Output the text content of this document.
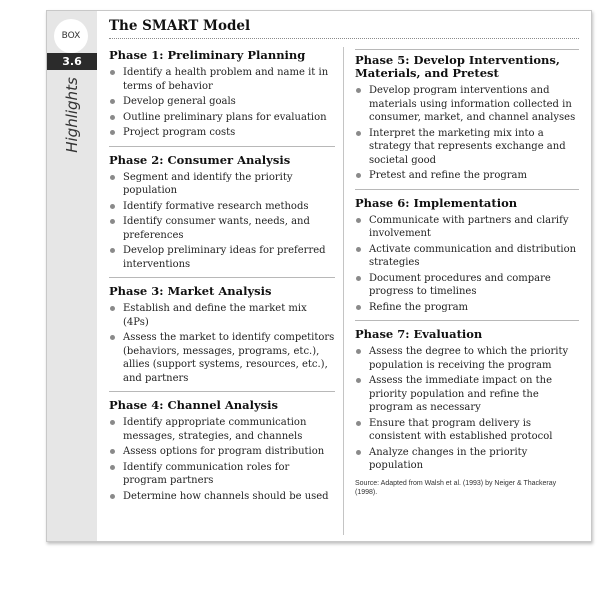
BOX
3.6
Highlights
The SMART Model
Phase 1: Preliminary Planning
Identify a health problem and name it in terms of behavior
Develop general goals
Outline preliminary plans for evaluation
Project program costs
Phase 2: Consumer Analysis
Segment and identify the priority population
Identify formative research methods
Identify consumer wants, needs, and preferences
Develop preliminary ideas for preferred interventions
Phase 3: Market Analysis
Establish and define the market mix (4Ps)
Assess the market to identify competitors (behaviors, messages, programs, etc.), allies (support systems, resources, etc.), and partners
Phase 4: Channel Analysis
Identify appropriate communication messages, strategies, and channels
Assess options for program distribution
Identify communication roles for program partners
Determine how channels should be used
Phase 5: Develop Interventions, Materials, and Pretest
Develop program interventions and materials using information collected in consumer, market, and channel analyses
Interpret the marketing mix into a strategy that represents exchange and societal good
Pretest and refine the program
Phase 6: Implementation
Communicate with partners and clarify involvement
Activate communication and distribution strategies
Document procedures and compare progress to timelines
Refine the program
Phase 7: Evaluation
Assess the degree to which the priority population is receiving the program
Assess the immediate impact on the priority population and refine the program as necessary
Ensure that program delivery is consistent with established protocol
Analyze changes in the priority population
Source: Adapted from Walsh et al. (1993) by Neiger & Thackeray (1998).
